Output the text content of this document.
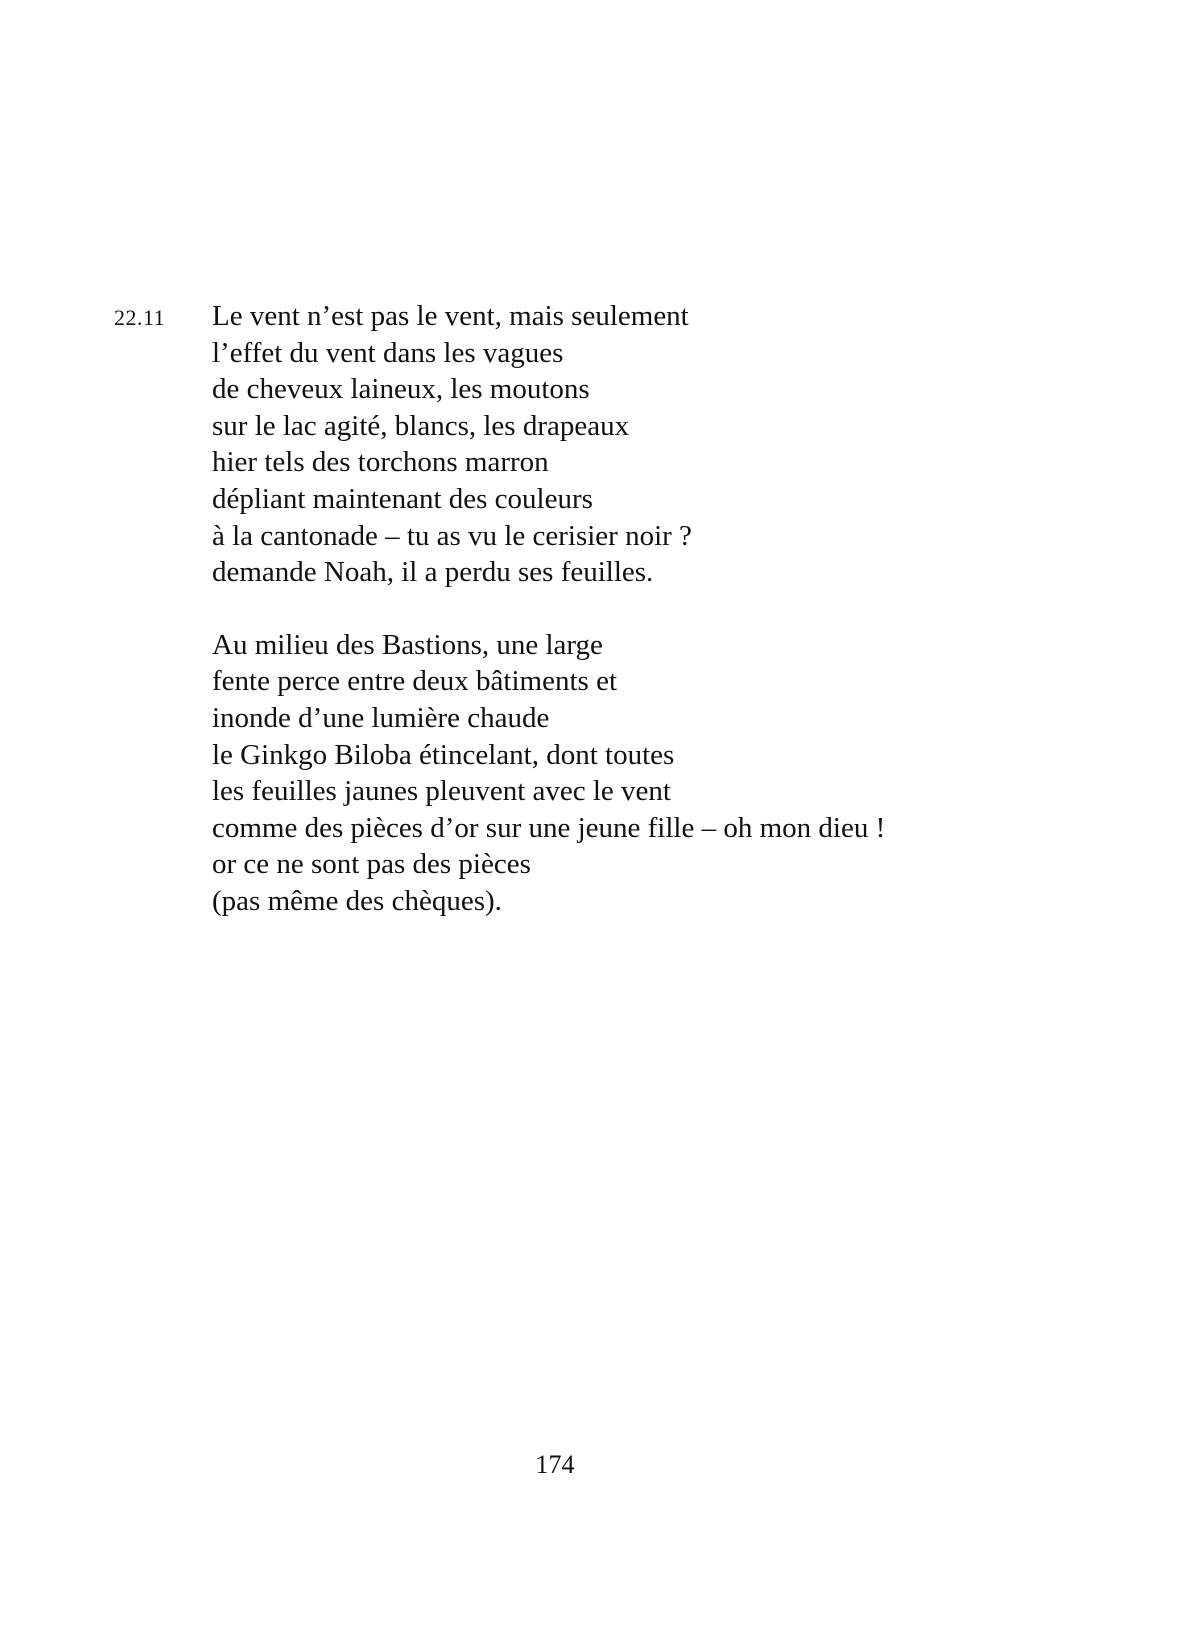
22.11 Le vent n’est pas le vent, mais seulement
l’effet du vent dans les vagues
de cheveux laineux, les moutons
sur le lac agité, blancs, les drapeaux
hier tels des torchons marron
dépliant maintenant des couleurs
à la cantonade – tu as vu le cerisier noir ?
demande Noah, il a perdu ses feuilles.
Au milieu des Bastions, une large
fente perce entre deux bâtiments et
inonde d’une lumière chaude
le Ginkgo Biloba étincelant, dont toutes
les feuilles jaunes pleuvent avec le vent
comme des pièces d’or sur une jeune fille – oh mon dieu !
or ce ne sont pas des pièces
(pas même des chèques).
174
